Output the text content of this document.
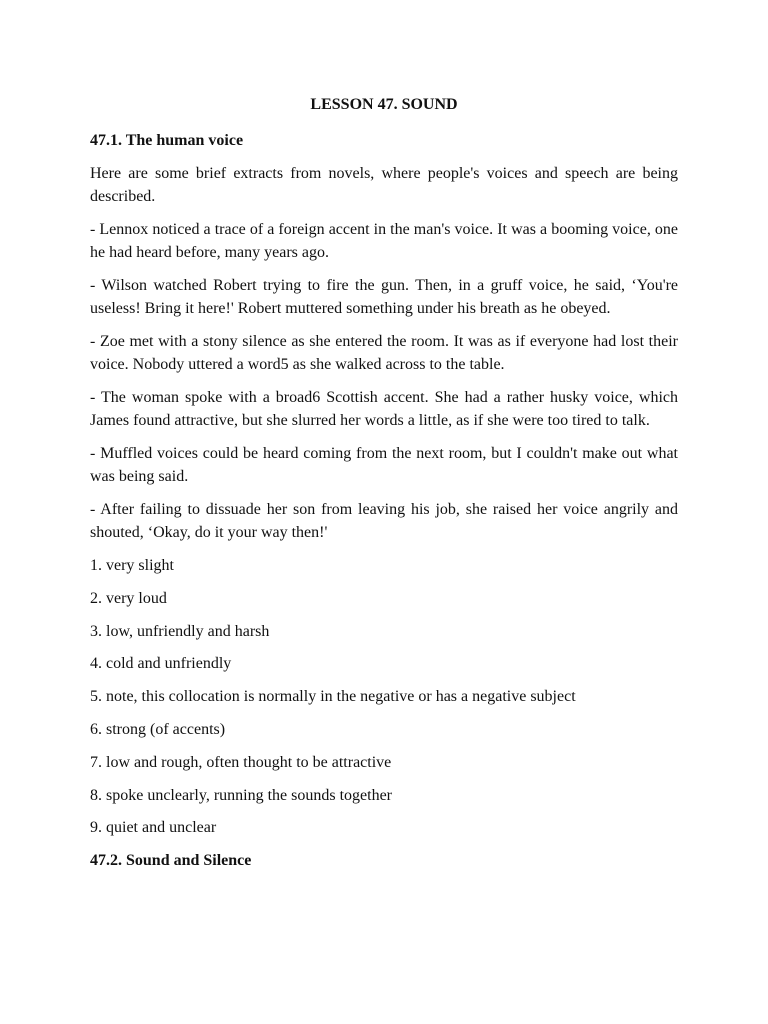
LESSON 47. SOUND
47.1. The human voice

Here are some brief extracts from novels, where people's voices and speech are being described.

- Lennox noticed a trace of a foreign accent in the man's voice. It was a booming voice, one he had heard before, many years ago.

- Wilson watched Robert trying to fire the gun. Then, in a gruff voice, he said, ‘You're useless! Bring it here!' Robert muttered something under his breath as he obeyed.

- Zoe met with a stony silence as she entered the room. It was as if everyone had lost their voice. Nobody uttered a word5 as she walked across to the table.

- The woman spoke with a broad6 Scottish accent. She had a rather husky voice, which James found attractive, but she slurred her words a little, as if she were too tired to talk.

- Muffled voices could be heard coming from the next room, but I couldn't make out what was being said.

- After failing to dissuade her son from leaving his job, she raised her voice angrily and shouted, ‘Okay, do it your way then!'

1. very slight
2. very loud
3. low, unfriendly and harsh
4. cold and unfriendly
5. note, this collocation is normally in the negative or has a negative subject
6. strong (of accents)
7. low and rough, often thought to be attractive
8. spoke unclearly, running the sounds together
9. quiet and unclear
47.2. Sound and Silence
